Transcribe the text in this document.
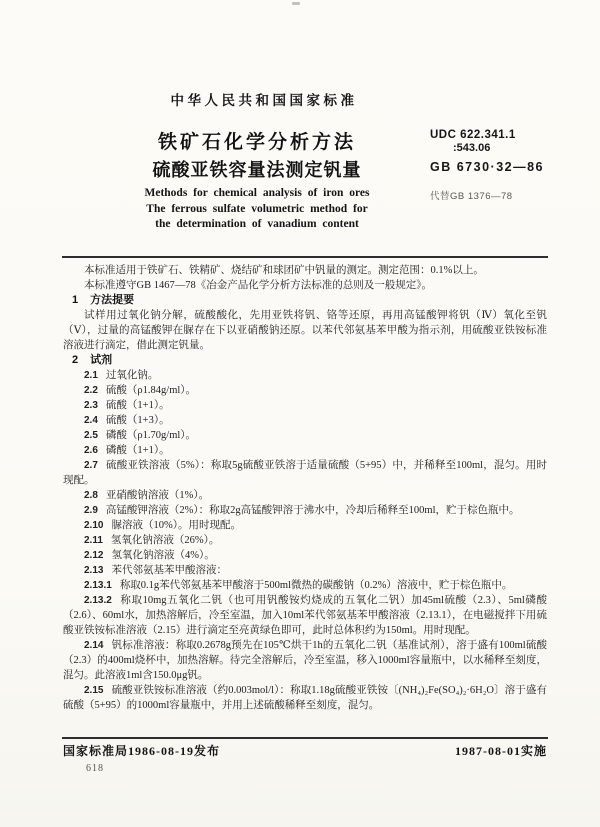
中华人民共和国国家标准
铁矿石化学分析方法
硫酸亚铁容量法测定钒量
UDC 622.341.1
:543.06
GB 6730·32—86
代替GB 1376—78
Methods for chemical analysis of iron ores
The ferrous sulfate volumetric method for
the determination of vanadium content

本标准适用于铁矿石、铁精矿、烧结矿和球团矿中钒量的测定。测定范围：0.1%以上。

本标准遵守GB 1467—78《冶金产品化学分析方法标准的总则及一般规定》。

1 方法提要

试样用过氧化钠分解，硫酸酸化，先用亚铁将钒、铬等还原，再用高锰酸钾将钒（Ⅳ）氧化至钒（Ⅴ），过量的高锰酸钾在脲存在下以亚硝酸钠还原。以苯代邻氨基苯甲酸为指示剂，用硫酸亚铁铵标准溶液进行滴定，借此测定钒量。

2 试剂

2.1 过氧化钠。

2.2 硫酸（ρ1.84g/ml）。

2.3 硫酸（1+1）。

2.4 硫酸（1+3）。

2.5 磷酸（ρ1.70g/ml）。

2.6 磷酸（1+1）。

2.7 硫酸亚铁溶液（5%）：称取5g硫酸亚铁溶于适量硫酸（5+95）中，并稀释至100ml，混匀。用时现配。

2.8 亚硝酸钠溶液（1%）。

2.9 高锰酸钾溶液（2%）：称取2g高锰酸钾溶于沸水中，冷却后稀释至100ml，贮于棕色瓶中。

2.10 脲溶液（10%）。用时现配。

2.11 氢氧化钠溶液（26%）。

2.12 氢氧化钠溶液（4%）。

2.13 苯代邻氨基苯甲酸溶液：

2.13.1 称取0.1g苯代邻氨基苯甲酸溶于500ml微热的碳酸钠（0.2%）溶液中，贮于棕色瓶中。

2.13.2 称取10mg五氧化二钒（也可用钒酸铵灼烧成的五氧化二钒）加45ml硫酸（2.3）、5ml磷酸（2.6）、60ml水，加热溶解后，冷至室温，加入10ml苯代邻氨基苯甲酸溶液（2.13.1），在电磁搅拌下用硫酸亚铁铵标准溶液（2.15）进行滴定至亮黄绿色即可，此时总体积约为150ml。用时现配。

2.14 钒标准溶液：称取0.2678g预先在105℃烘干1h的五氧化二钒（基准试剂），溶于盛有100ml硫酸（2.3）的400ml烧杯中，加热溶解。待完全溶解后，冷至室温，移入1000ml容量瓶中，以水稀释至刻度，混匀。此溶液1ml含150.0μg钒。

2.15 硫酸亚铁铵标准溶液（约0.003mol/l）：称取1.18g硫酸亚铁铵〔(NH₄)₂Fe(SO₄)₂·6H₂O〕溶于盛有硫酸（5+95）的1000ml容量瓶中，并用上述硫酸稀释至刻度，混匀。

国家标准局1986-08-19发布	1987-08-01实施
618
